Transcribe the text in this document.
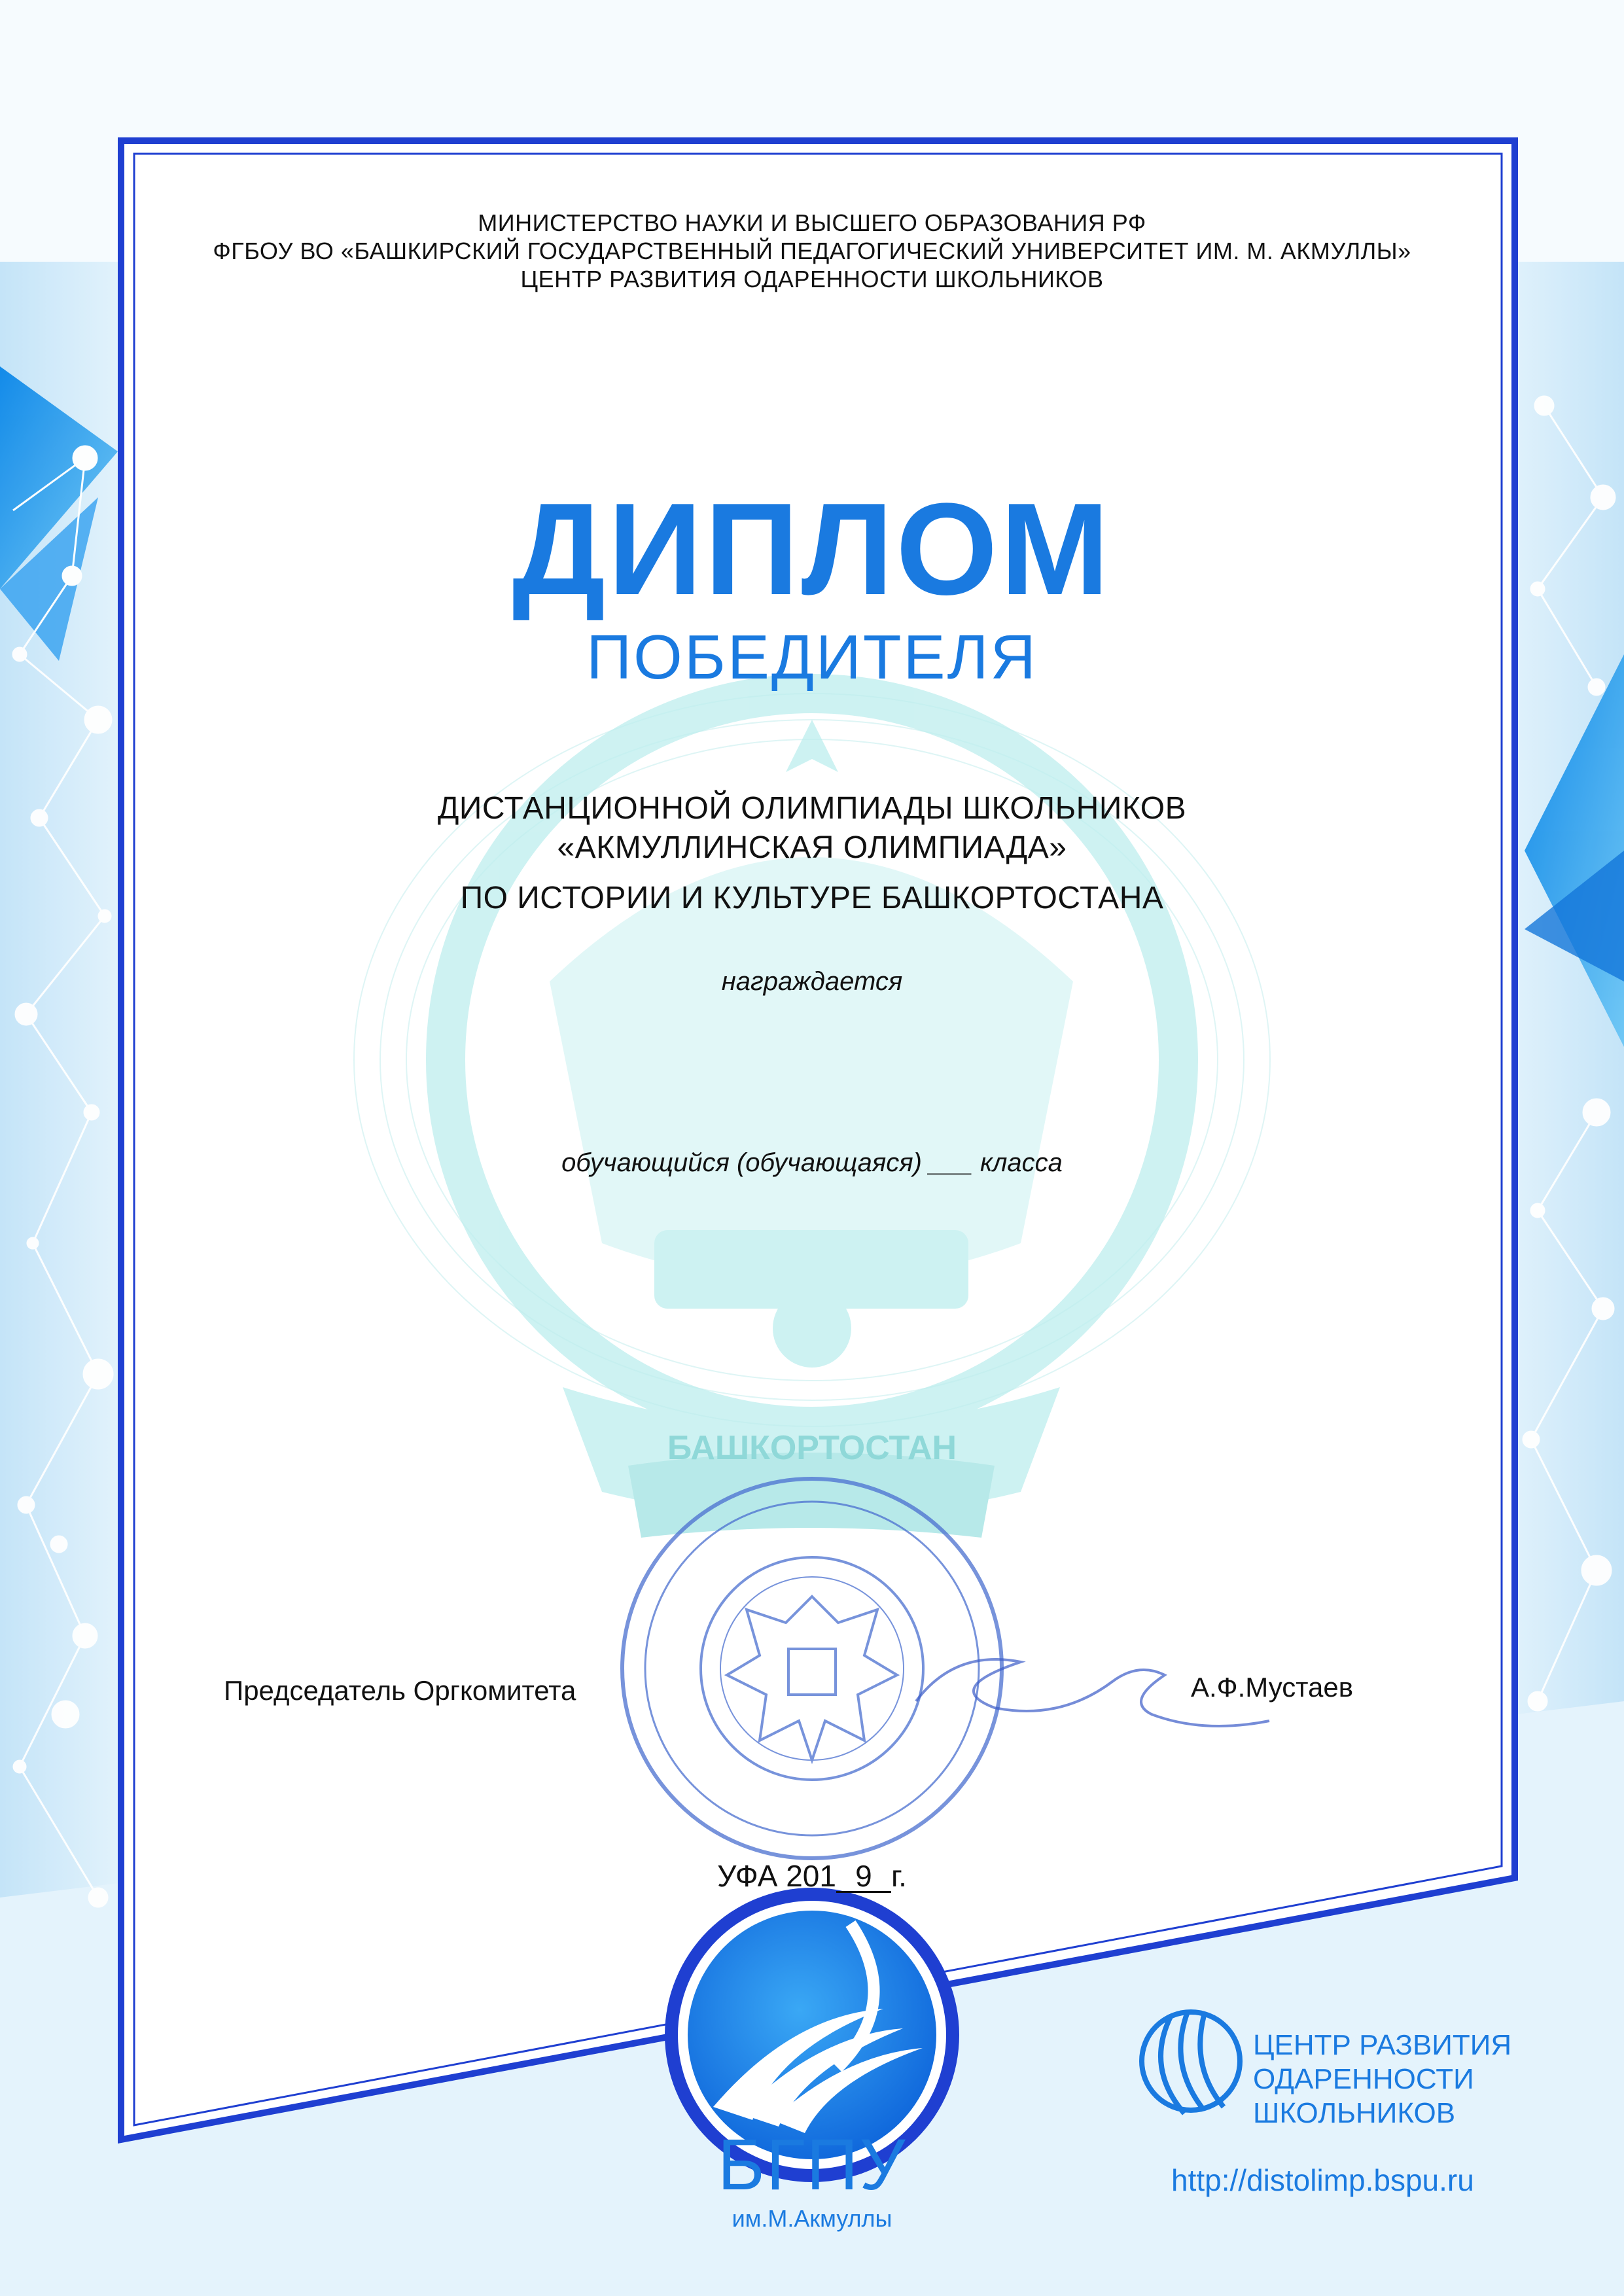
БАШКОРТОСТАН
МИНИСТЕРСТВО НАУКИ И ВЫСШЕГО ОБРАЗОВАНИЯ РФ
ФГБОУ ВО «БАШКИРСКИЙ ГОСУДАРСТВЕННЫЙ ПЕДАГОГИЧЕСКИЙ УНИВЕРСИТЕТ ИМ. М. АКМУЛЛЫ»
ЦЕНТР РАЗВИТИЯ ОДАРЕННОСТИ ШКОЛЬНИКОВ
ДИПЛОМ
ПОБЕДИТЕЛЯ
ДИСТАНЦИОННОЙ ОЛИМПИАДЫ ШКОЛЬНИКОВ
«АКМУЛЛИНСКАЯ ОЛИМПИАДА»
ПО ИСТОРИИ И КУЛЬТУРЕ БАШКОРТОСТАНА
награждается
обучающийся (обучающаяся) ___ класса
Председатель Оргкомитета	А.Ф.Мустаев
УФА 201 9 г.
БГПУ
им.М.Акмуллы
ЦЕНТР РАЗВИТИЯ
ОДАРЕННОСТИ
ШКОЛЬНИКОВ
http://distolimp.bspu.ru
